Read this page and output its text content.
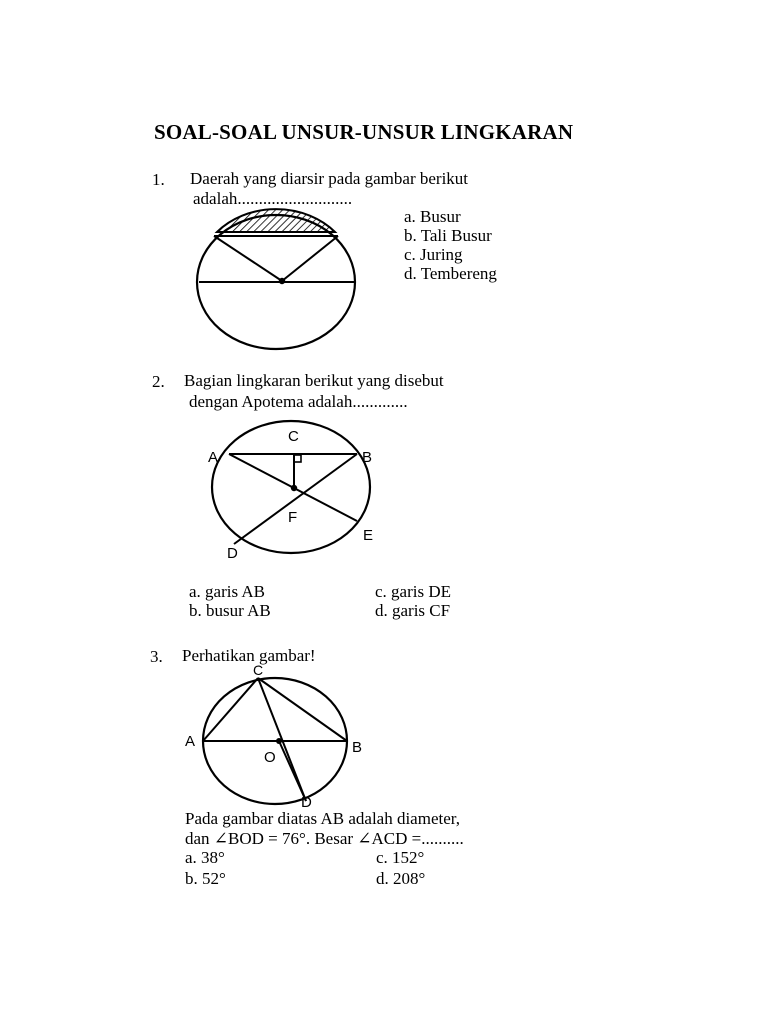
SOAL-SOAL UNSUR-UNSUR LINGKARAN
1. Daerah yang diarsir pada gambar berikut
adalah...........................
a. Busur
b. Tali Busur
c. Juring
d. Tembereng
2. Bagian lingkaran berikut yang disebut
dengan Apotema adalah.............
C
A	B
F
E
D
a. garis AB
b. busur AB
c. garis DE
d. garis CF
3. Perhatikan gambar!
C
A	B
O
D
Pada gambar diatas AB adalah diameter,
dan ∠BOD = 76°. Besar ∠ACD =..........
a. 38°
b. 52°
c. 152°
d. 208°
